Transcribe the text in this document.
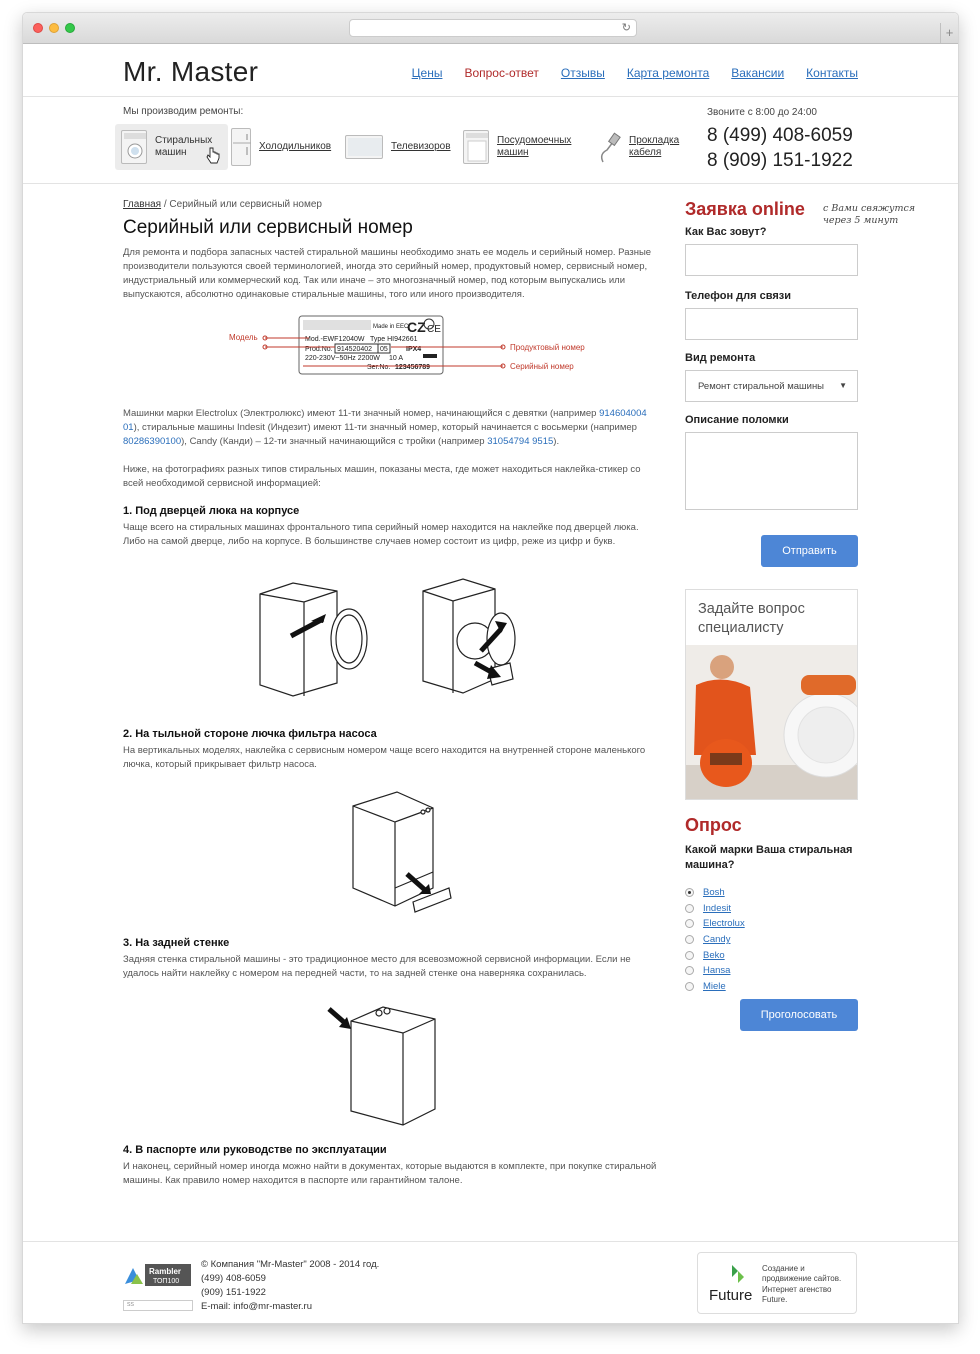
↻	+
Mr. Master	Цены Вопрос-ответ Отзывы Карта ремонта Вакансии Контакты
Мы производим ремонты:
Стиральных
машин
Холодильников	Телевизоров
Посудомоечных
машин
Прокладка
кабеля
Звоните с 8:00 до 24:00
8 (499) 408-6059
8 (909) 151-1922
Главная / Серийный или сервисный номер
Серийный или сервисный номер

Для ремонта и подбора запасных частей стиральной машины необходимо знать ее модель и серийный номер. Разные производители пользуются своей терминологией, иногда это серийный номер, продуктовый номер, сервисный номер, индустриальный или коммерческий код. Так или иначе – это многозначный номер, под которым выпускались или выпускаются, абсолютно одинаковые стиральные машины, того или иного производителя.

Made in EEC
CZ CE
Mod.-EWF12040W Type HI942661
Prod.No. 914520402 05
220-230V~50Hz 2200W 10 A
IPX4
Ser.No. 123456789
Модель
Продуктовый номер
Серийный номер

Машинки марки Electrolux (Электролюкс) имеют 11-ти значный номер, начинающийся с девятки (например 914604004 01), стиральные машины Indesit (Индезит) имеют 11-ти значный номер, который начинается с восьмерки (например 80286390100), Candy (Канди) – 12-ти значный начинающийся с тройки (например 31054794 9515).

Ниже, на фотографиях разных типов стиральных машин, показаны места, где может находиться наклейка-стикер со всей необходимой сервисной информацией:

1. Под дверцей люка на корпусе

Чаще всего на стиральных машинах фронтального типа серийный номер находится на наклейке под дверцей люка. Либо на самой дверце, либо на корпусе. В большинстве случаев номер состоит из цифр, реже из цифр и букв.

2. На тыльной стороне лючка фильтра насоса

На вертикальных моделях, наклейка с сервисным номером чаще всего находится на внутренней стороне маленького лючка, который прикрывает фильтр насоса.

3. На задней стенке

Задняя стенка стиральной машины - это традиционное место для всевозможной сервисной информации. Если не удалось найти наклейку с номером на передней части, то на задней стенке она наверняка сохранилась.

4. В паспорте или руководстве по эксплуатации

И наконец, серийный номер иногда можно найти в документах, которые выдаются в комплекте, при покупке стиральной машины. Как правило номер находится в паспорте или гарантийном талоне.

Заявка online	с Вами свяжутся через 5 минут
Как Вас зовут?
Телефон для связи
Вид ремонта
Ремонт стиральной машины ▼
Описание поломки
Отправить
Задайте вопрос специалисту
Опрос
Какой марки Ваша стиральная машина?
Bosh
Indesit
Electrolux
Candy
Beko
Hansa
Miele
Проголосовать
Rambler
ТОП100
ss
© Компания "Mr-Master" 2008 - 2014 год.
(499) 408-6059
(909) 151-1922
E-mail: info@mr-master.ru
Future
Создание и продвижение сайтов. Интернет агенство Future.
